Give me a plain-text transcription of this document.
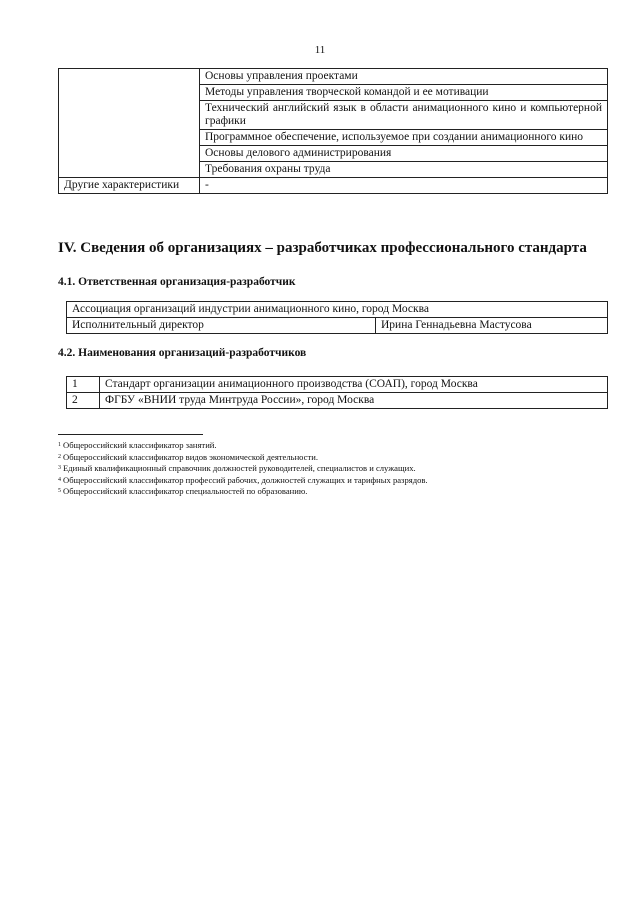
11
	Основы управления проектами
	Методы управления творческой командой и ее мотивации
	Технический английский язык в области анимационного кино и компьютерной графики
	Программное обеспечение, используемое при создании анимационного кино
	Основы делового администрирования
	Требования охраны труда
Другие характеристики	-
IV. Сведения об организациях – разработчиках профессионального стандарта
4.1. Ответственная организация-разработчик
Ассоциация организаций индустрии анимационного кино, город Москва
Исполнительный директор	Ирина Геннадьевна Мастусова
4.2. Наименования организаций-разработчиков
1	Стандарт организации анимационного производства (СОАП), город Москва
2	ФГБУ «ВНИИ труда Минтруда России», город Москва
$^1$ Общероссийский классификатор занятий.
$^2$ Общероссийский классификатор видов экономической деятельности.
$^3$ Единый квалификационный справочник должностей руководителей, специалистов и служащих.
$^4$ Общероссийский классификатор профессий рабочих, должностей служащих и тарифных разрядов.
$^5$ Общероссийский классификатор специальностей по образованию.
